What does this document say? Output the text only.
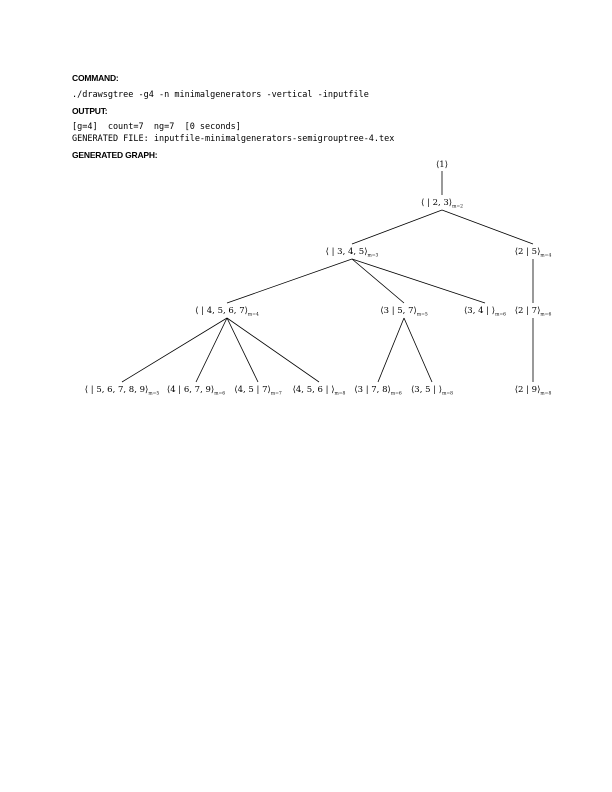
COMMAND:
./drawsgtree -g4 -n minimalgenerators -vertical -inputfile
OUTPUT:
[g=4]  count=7  ng=7  [0 seconds]
GENERATED FILE: inputfile-minimalgenerators-semigrouptree-4.tex
GENERATED GRAPH:
⟨1⟩
⟨ | 2, $3⟩_{m=2}$
⟨ | 3, 4, $5⟩_{m=3}$	⟨2 | $5⟩_{m=4}$
⟨ | 4, 5, 6, $7⟩_{m=4}$	⟨3 | 5, $7⟩_{m=5}$	⟨3, 4 | $⟩_{m=6}$ ⟨2 | $7⟩_{m=6}$
⟨ | 5, 6, 7, 8, $9⟩_{m=5}$ ⟨4 | 6, 7, $9⟩_{m=6}$ ⟨4, 5 | $7⟩_{m=7}$ ⟨4, 5, 6 | $⟩_{m=8}$ ⟨3 | 7, $8⟩_{m=6}$ ⟨3, 5 | $⟩_{m=8}$	⟨2 | $9⟩_{m=8}$
